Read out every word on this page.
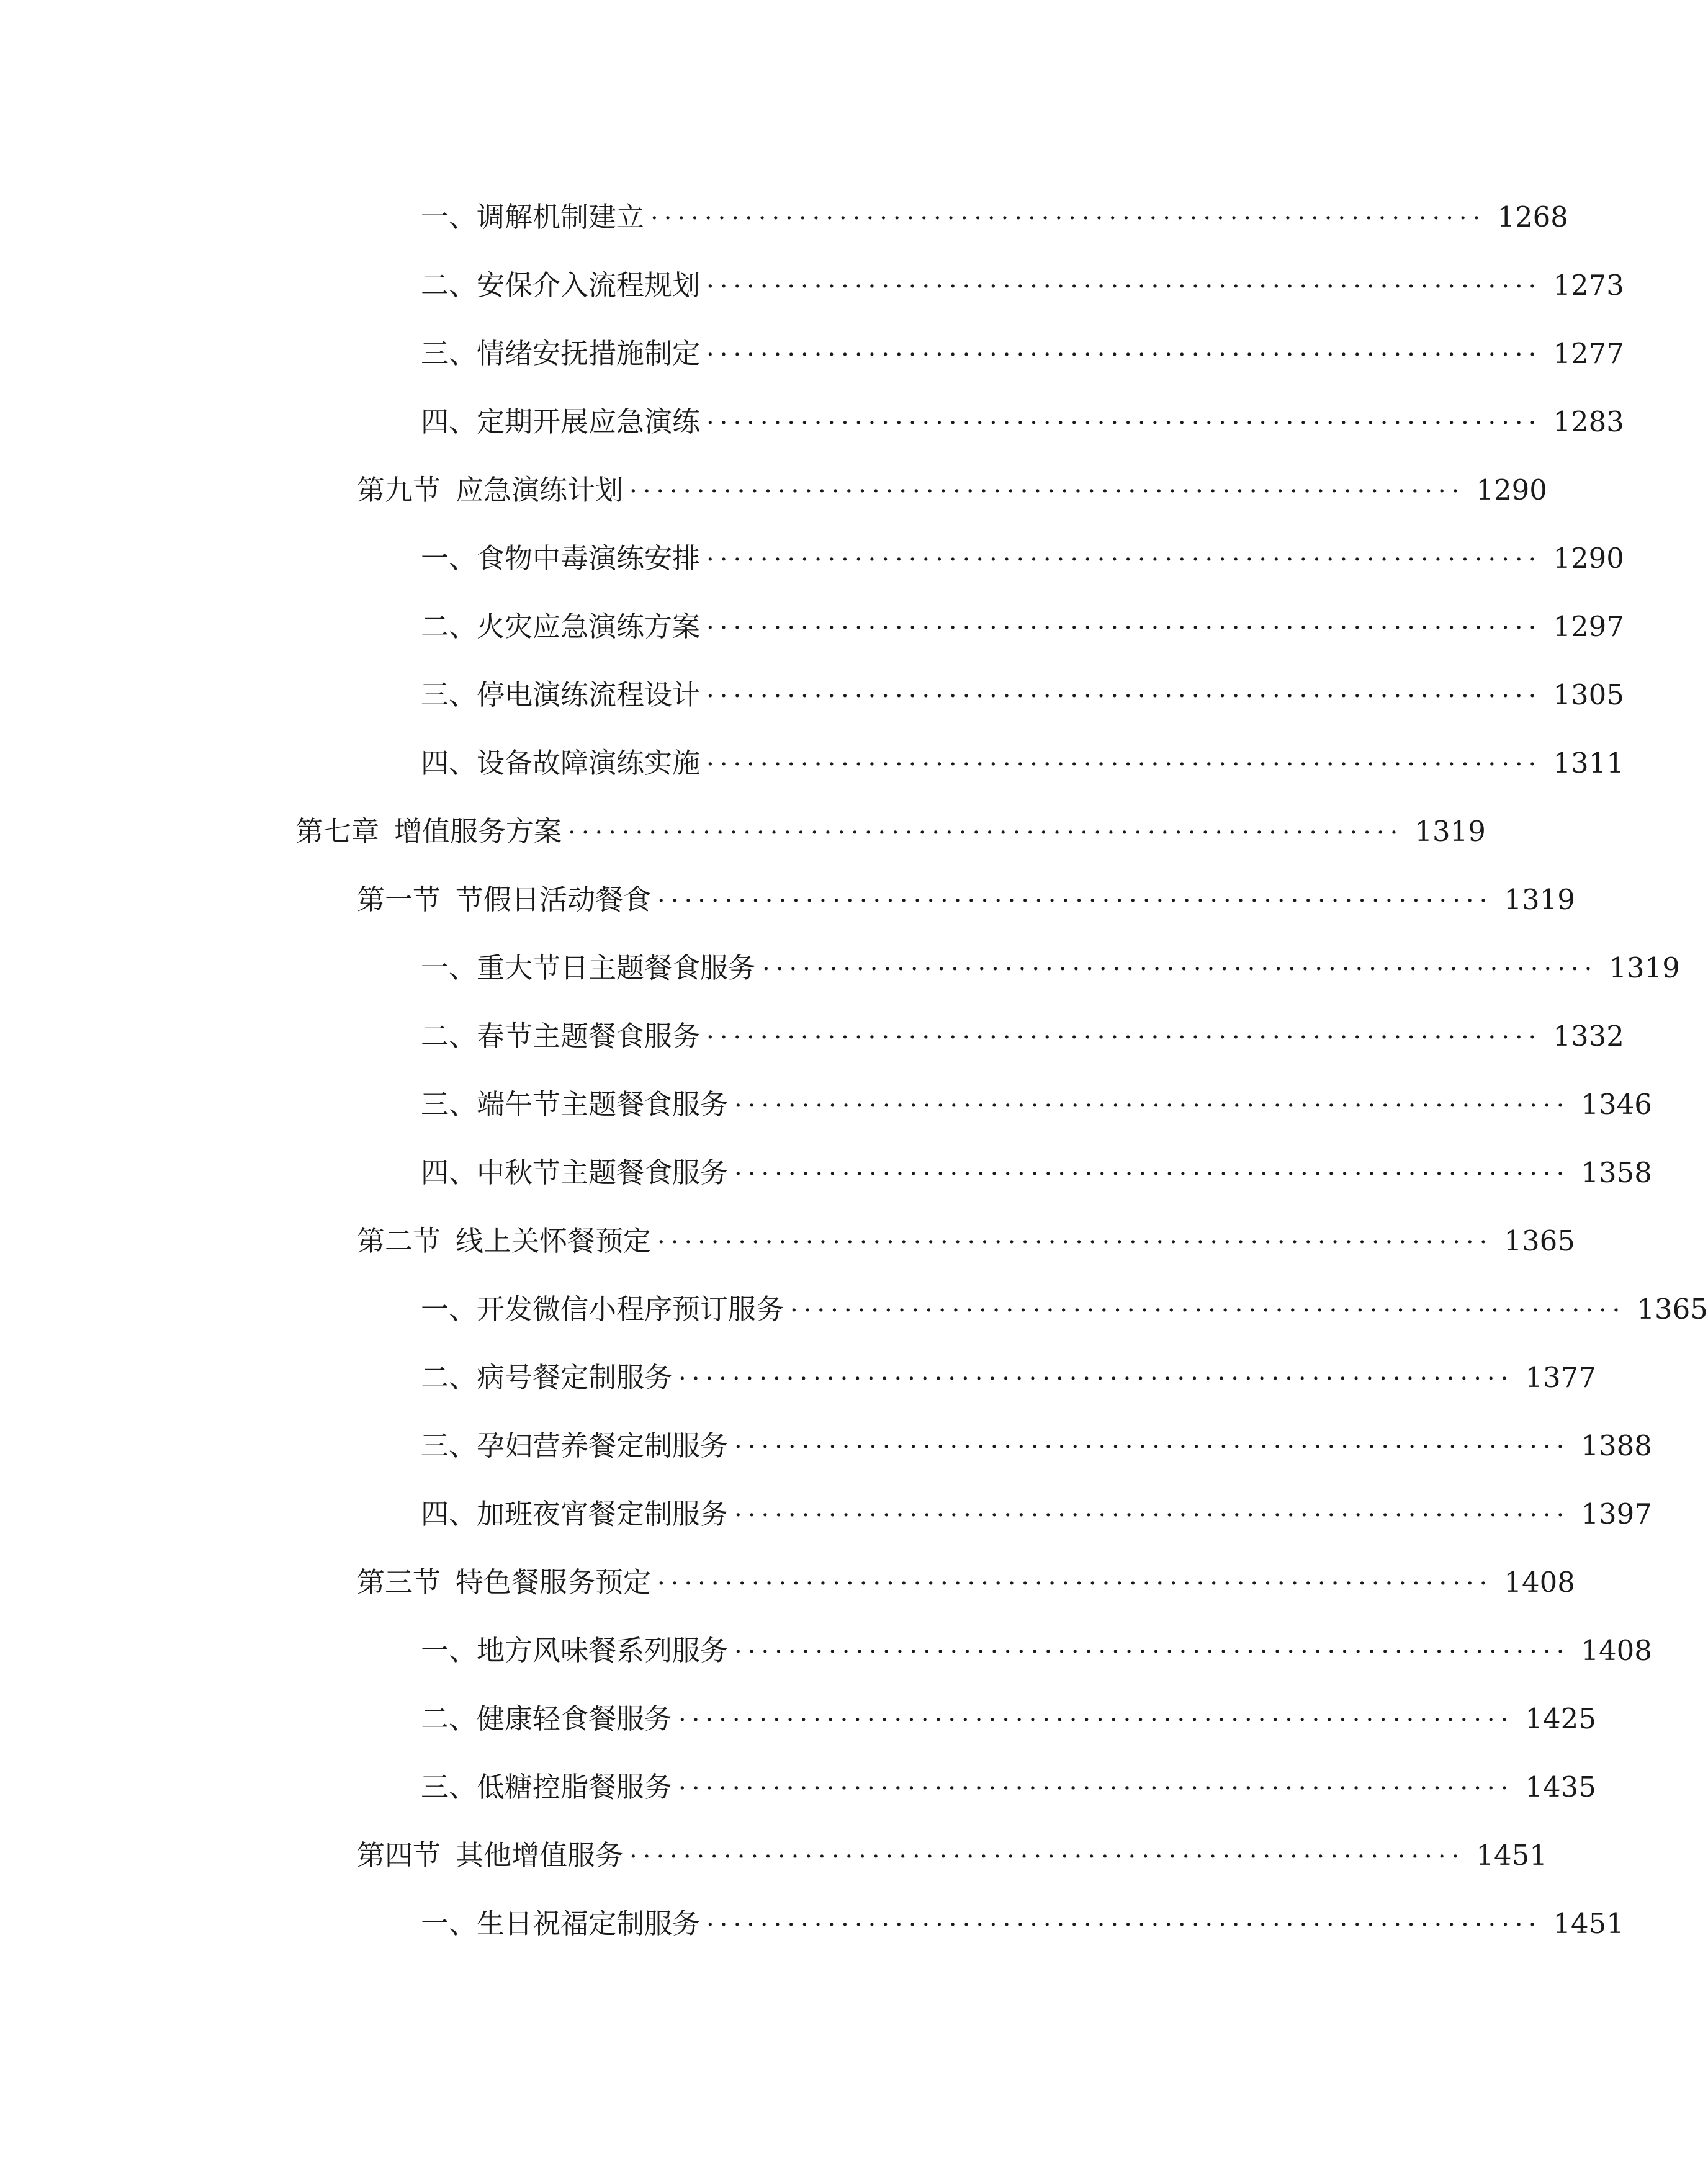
一、 调解机制建立 ······························································ 1268
二、 安保介入流程规划 ······························································ 1273
三、 情绪安抚措施制定 ······························································ 1277
四、 定期开展应急演练 ······························································ 1283
第九节 应急演练计划 ······························································ 1290
一、 食物中毒演练安排 ······························································ 1290
二、 火灾应急演练方案 ······························································ 1297
三、 停电演练流程设计 ······························································ 1305
四、 设备故障演练实施 ······························································ 1311
第七章 增值服务方案 ······························································ 1319
第一节 节假日活动餐食 ······························································ 1319
一、 重大节日主题餐食服务 ······························································ 1319
二、 春节主题餐食服务 ······························································ 1332
三、 端午节主题餐食服务 ······························································ 1346
四、 中秋节主题餐食服务 ······························································ 1358
第二节 线上关怀餐预定 ······························································ 1365
一、 开发微信小程序预订服务 ······························································ 1365
二、 病号餐定制服务 ······························································ 1377
三、 孕妇营养餐定制服务 ······························································ 1388
四、 加班夜宵餐定制服务 ······························································ 1397
第三节 特色餐服务预定 ······························································ 1408
一、 地方风味餐系列服务 ······························································ 1408
二、 健康轻食餐服务 ······························································ 1425
三、 低糖控脂餐服务 ······························································ 1435
第四节 其他增值服务 ······························································ 1451
一、 生日祝福定制服务 ······························································ 1451
